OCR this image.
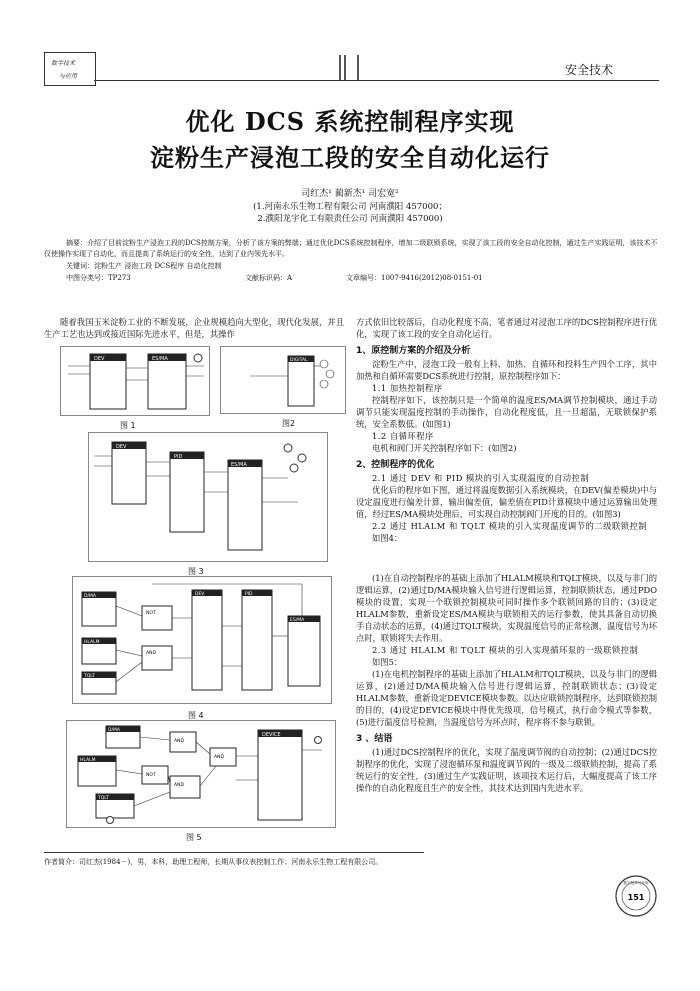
数字技术
与应用	安全技术
优化 DCS 系统控制程序实现
淀粉生产浸泡工段的安全自动化运行
司红杰¹ 蔺新杰¹ 司宏宽²
(1.河南永乐生物工程有限公司 河南濮阳 457000；
2.濮阳龙宇化工有限责任公司 河南濮阳 457000)
摘要：介绍了目前淀粉生产浸泡工段的DCS控制方案，分析了该方案的弊端；通过优化DCS系统控制程序，增加二级联锁系统，实现了该工段的安全自动化控制，通过生产实践证明，该技术不仅使操作实现了自动化，而且提高了系统运行的安全性，达到了业内领先水平。
关键词：淀粉生产 浸泡工段 DCS程序 自动化控制
中图分类号：TP273	文献标识码：A	文章编号：1007-9416(2012)08-0151-01
随着我国玉米淀粉工业的不断发展，企业规模趋向大型化，现代化发展，并且生产工艺也达到或接近国际先进水平，但是，其操作
DEV	ES/MA
图 1
DIGITAL
图2
DEV
PID
ES/MA
图 3
D/MA
HLALM
TQLT
NOT
AND
DEV	PID
ES/MA
图 4
D/MA
HLALM
TQLT
NOT
AND
AND
AND
DEVICE
图 5
方式依旧比较落后，自动化程度不高，笔者通过对浸泡工序的DCS控制程序进行优化，实现了该工段的安全自动化运行。
1、原控制方案的介绍及分析
淀粉生产中，浸泡工段一般有上料、加热、自循环和投料生产四个工序，其中加热和自循环需要DCS系统进行控制，原控制程序如下：
1.1 加热控制程序
控制程序如下，该控制只是一个简单的温度ES/MA调节控制模块，通过手动调节只能实现温度控制的手动操作，自动化程度低，且一旦超温，无联锁保护系统，安全系数低。(如图1)
1.2 自循环程序
电机和阀门开关控制程序如下：(如图2)
2、控制程序的优化
2.1 通过 DEV 和 PID 模块的引入实现温度的自动控制
优化后的程序如下图，通过将温度数据引入系统模块，在DEV(偏差模块)中与设定温度进行偏差计算，输出偏差值，偏差值在PID计算模块中通过运算输出处理值，经过ES/MA模块处理后，可实现自动控制阀门开度的目的。(如图3)
2.2 通过 HLALM 和 TQLT 模块的引入实现温度调节的二级联锁控制
如图4：
(1)在自动控制程序的基础上添加了HLALM模块和TQLT模块，以及与非门的逻辑运算，(2)通过D/MA模块输入信号进行逻辑运算，控制联锁状态，通过PDO模块的设置，实现一个联锁控制模块可同时操作多个联锁回路的目的；(3)设定HLALM参数，重新设定ES/MA模块与联锁相关的运行参数，使其具备自动切换手自动状态的运算，(4)通过TQLT模块，实现温度信号的正常检测，温度信号为坏点时，联锁将失去作用。
2.3 通过 HLALM 和 TQLT 模块的引入实现循环泵的一级联锁控制
如图5：
(1)在电机控制程序的基础上添加了HLALM和TQLT模块，以及与非门的逻辑运算，(2)通过D/MA模块输入信号进行逻辑运算，控制联锁状态；(3)设定HLALM参数，重新设定DEVICE模块参数。以达应联锁控制程序，达到联锁控制的目的，(4)设定DEVICE模块中得优先级项，信号模式，执行命令模式等参数，(5)进行温度信号检测，当温度信号为坏点时，程序将不参与联锁。
3 、结语
(1)通过DCS控制程序的优化，实现了温度调节阀的自动控制；(2)通过DCS控制程序的优化，实现了浸泡循环泵和温度调节阀的一级及二级联锁控制，提高了系统运行的安全性，(3)通过生产实践证明，该项技术运行后，大幅度提高了该工序操作的自动化程度且生产的安全性，其技术达到国内先进水平。
作者简介：司红杰(1984－)，男，本科，助理工程师，长期从事仪表控制工作；河南永乐生物工程有限公司。
数字技术与应用
151
